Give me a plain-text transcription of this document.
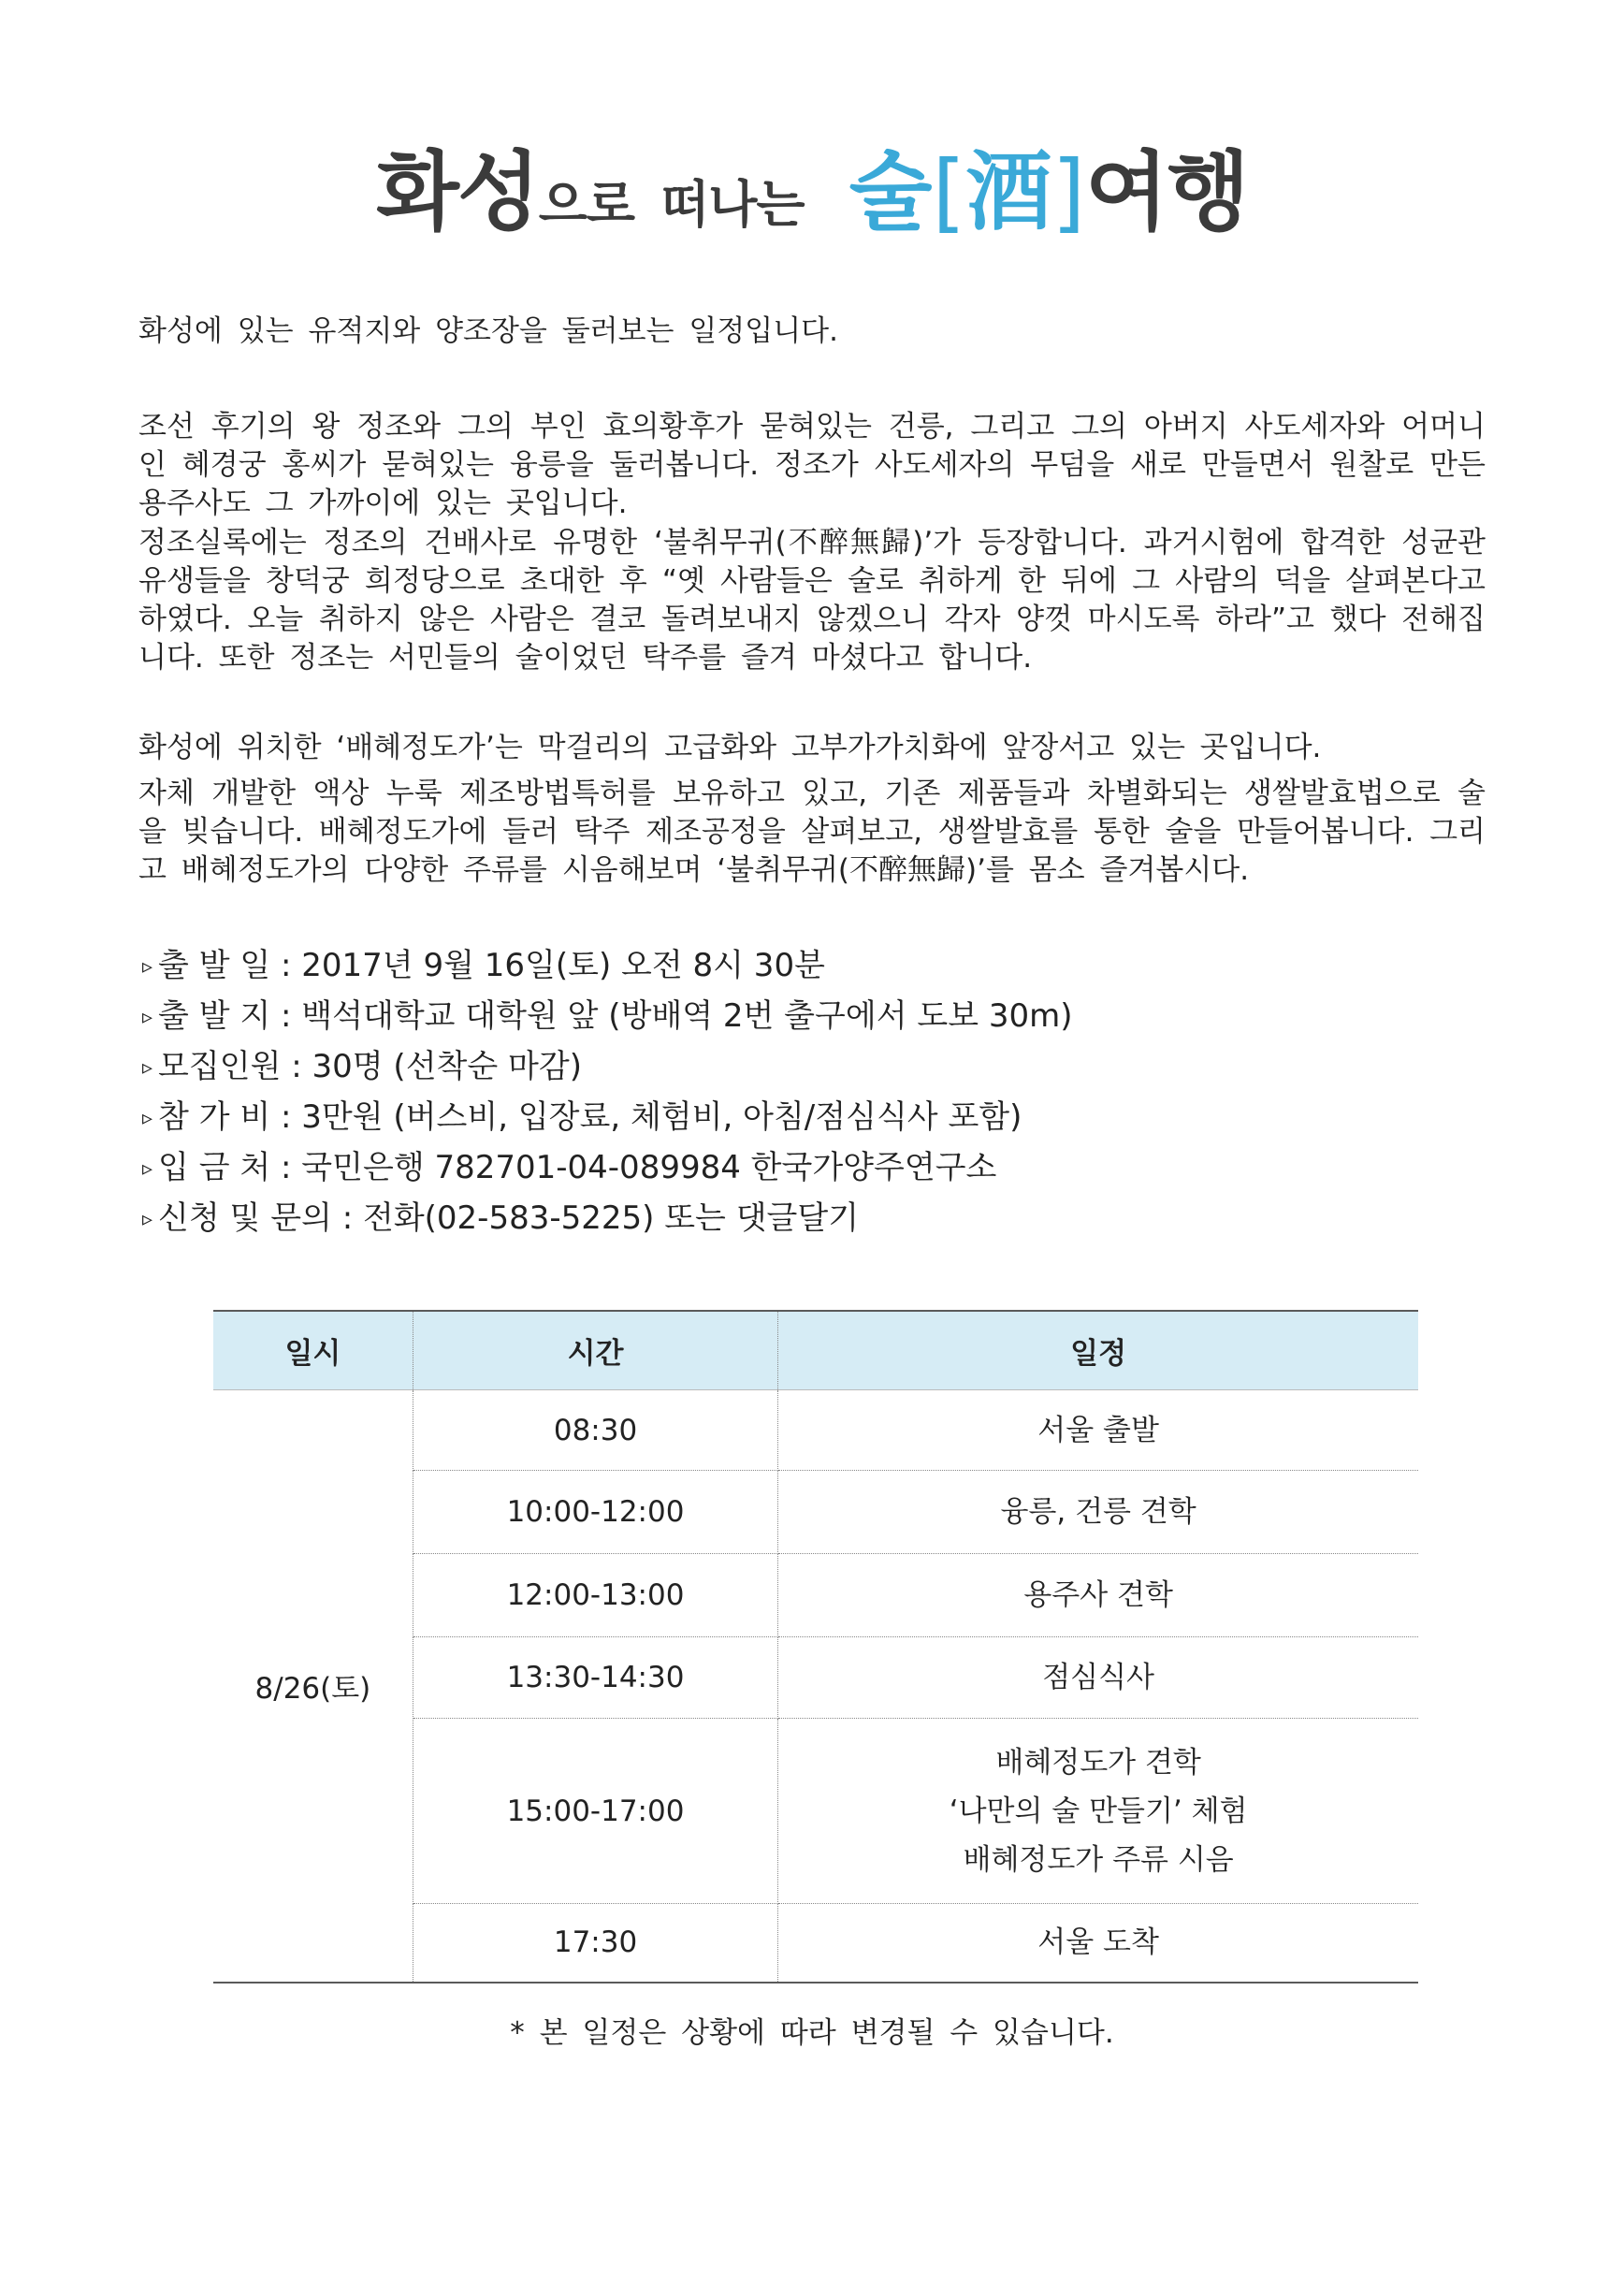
화성으로 떠나는 술[酒]여행

화성에 있는 유적지와 양조장을 둘러보는 일정입니다.

조선 후기의 왕 정조와 그의 부인 효의황후가 묻혀있는 건릉, 그리고 그의 아버지 사도세자와 어머니인 혜경궁 홍씨가 묻혀있는 융릉을 둘러봅니다. 정조가 사도세자의 무덤을 새로 만들면서 원찰로 만든 용주사도 그 가까이에 있는 곳입니다.

정조실록에는 정조의 건배사로 유명한 ‘불취무귀(不醉無歸)’가 등장합니다. 과거시험에 합격한 성균관 유생들을 창덕궁 희정당으로 초대한 후 “옛 사람들은 술로 취하게 한 뒤에 그 사람의 덕을 살펴본다고 하였다. 오늘 취하지 않은 사람은 결코 돌려보내지 않겠으니 각자 양껏 마시도록 하라”고 했다 전해집니다. 또한 정조는 서민들의 술이었던 탁주를 즐겨 마셨다고 합니다.

화성에 위치한 ‘배혜정도가’는 막걸리의 고급화와 고부가가치화에 앞장서고 있는 곳입니다.

자체 개발한 액상 누룩 제조방법특허를 보유하고 있고, 기존 제품들과 차별화되는 생쌀발효법으로 술을 빚습니다. 배혜정도가에 들러 탁주 제조공정을 살펴보고, 생쌀발효를 통한 술을 만들어봅니다. 그리고 배혜정도가의 다양한 주류를 시음해보며 ‘불취무귀(不醉無歸)’를 몸소 즐겨봅시다.

▹ 출 발 일 : 2017년 9월 16일(토) 오전 8시 30분
▹ 출 발 지 : 백석대학교 대학원 앞 (방배역 2번 출구에서 도보 30m)
▹ 모집인원 : 30명 (선착순 마감)
▹ 참 가 비 : 3만원 (버스비, 입장료, 체험비, 아침/점심식사 포함)
▹ 입 금 처 : 국민은행 782701-04-089984 한국가양주연구소
▹ 신청 및 문의 : 전화(02-583-5225) 또는 댓글달기
일시	시간	일정
8/26(토)	08:30	서울 출발

	10:00-12:00	융릉, 건릉 견학

	12:00-13:00	용주사 견학

	13:30-14:30	점심식사

	15:00-17:00	배혜정도가 견학
‘나만의 술 만들기’ 체험
배혜정도가 주류 시음

	17:30	서울 도착
* 본 일정은 상황에 따라 변경될 수 있습니다.
